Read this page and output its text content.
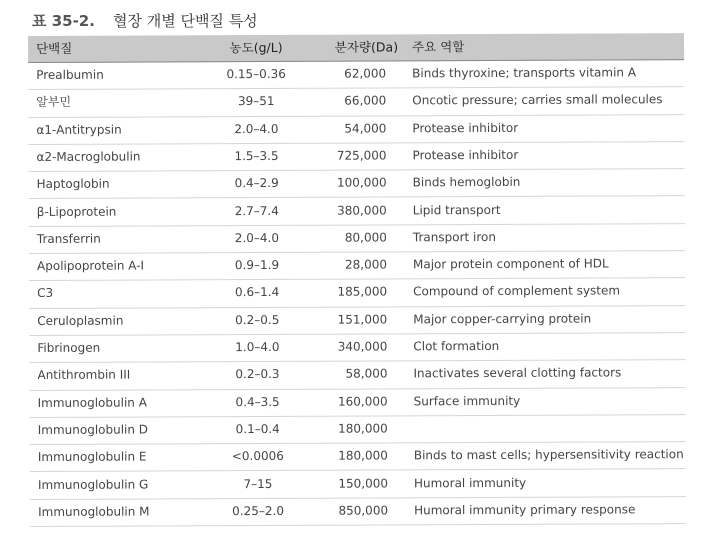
표 35-2. 혈장 개별 단백질 특성
단백질	농도(g/L)	분자량(Da) 주요 역할
Prealbumin	0.15–0.36	62,000 Binds thyroxine; transports vitamin A
알부민	39–51	66,000 Oncotic pressure; carries small molecules
α1-Antitrypsin	2.0–4.0	54,000 Protease inhibitor
α2-Macroglobulin	1.5–3.5	725,000 Protease inhibitor
Haptoglobin	0.4–2.9	100,000 Binds hemoglobin
β-Lipoprotein	2.7–7.4	380,000 Lipid transport
Transferrin	2.0–4.0	80,000 Transport iron
Apolipoprotein A-I	0.9–1.9	28,000 Major protein component of HDL
C3	0.6–1.4	185,000 Compound of complement system
Ceruloplasmin	0.2–0.5	151,000 Major copper-carrying protein
Fibrinogen	1.0–4.0	340,000 Clot formation
Antithrombin III	0.2–0.3	58,000 Inactivates several clotting factors
Immunoglobulin A	0.4–3.5	160,000 Surface immunity
Immunoglobulin D	0.1–0.4	180,000
Immunoglobulin E	<0.0006	180,000 Binds to mast cells; hypersensitivity reaction
Immunoglobulin G	7–15	150,000 Humoral immunity
Immunoglobulin M	0.25–2.0	850,000 Humoral immunity primary response
